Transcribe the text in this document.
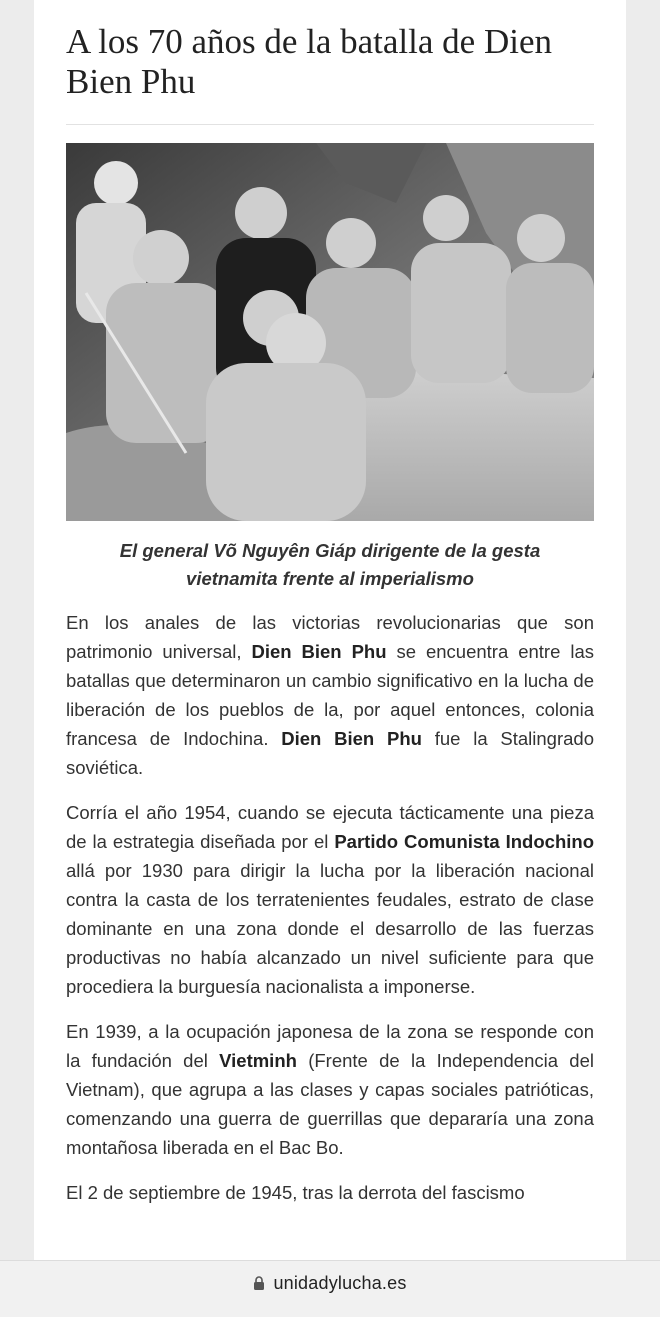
A los 70 años de la batalla de Dien Bien Phu

El general Võ Nguyên Giáp dirigente de la gesta vietnamita frente al imperialismo

En los anales de las victorias revolucionarias que son patrimonio universal, Dien Bien Phu se encuentra entre las batallas que determinaron un cambio significativo en la lucha de liberación de los pueblos de la, por aquel entonces, colonia francesa de Indochina. Dien Bien Phu fue la Stalingrado soviética.

Corría el año 1954, cuando se ejecuta tácticamente una pieza de la estrategia diseñada por el Partido Comunista Indochino allá por 1930 para dirigir la lucha por la liberación nacional contra la casta de los terratenientes feudales, estrato de clase dominante en una zona donde el desarrollo de las fuerzas productivas no había alcanzado un nivel suficiente para que procediera la burguesía nacionalista a imponerse.

En 1939, a la ocupación japonesa de la zona se responde con la fundación del Vietminh (Frente de la Independencia del Vietnam), que agrupa a las clases y capas sociales patrióticas, comenzando una guerra de guerrillas que depararía una zona montañosa liberada en el Bac Bo.

El 2 de septiembre de 1945, tras la derrota del fascismo

unidadylucha.es
